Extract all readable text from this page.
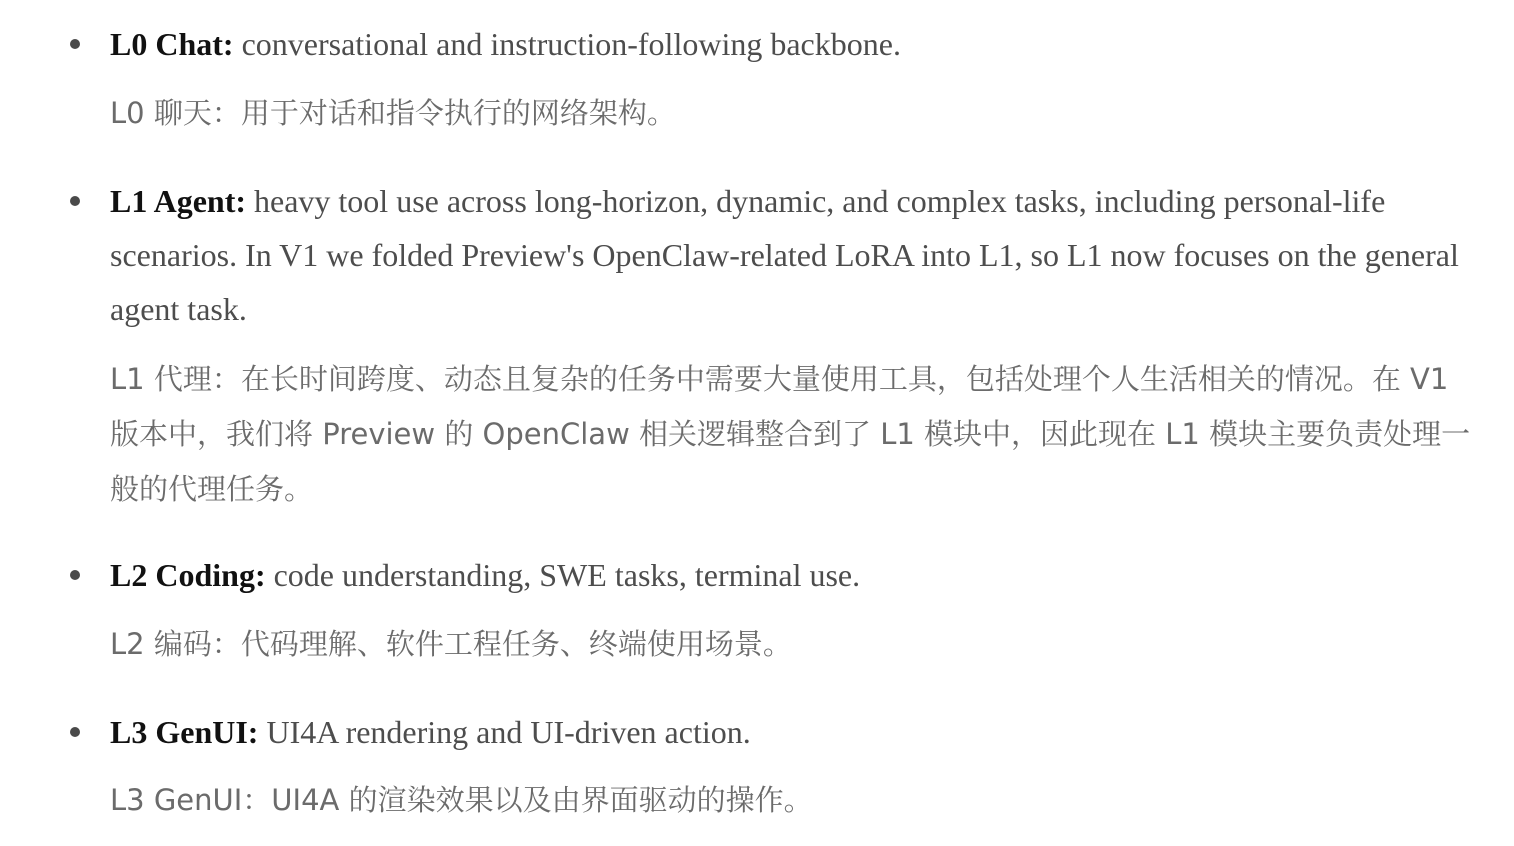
L0 Chat: conversational and instruction-following backbone.

L0 聊天：用于对话和指令执行的网络架构。

L1 Agent: heavy tool use across long-horizon, dynamic, and complex tasks, including personal-life scenarios. In V1 we folded Preview's OpenClaw-related LoRA into L1, so L1 now focuses on the general agent task.

L1 代理：在长时间跨度、动态且复杂的任务中需要大量使用工具，包括处理个人生活相关的情况。在 V1 版本中，我们将 Preview 的 OpenClaw 相关逻辑整合到了 L1 模块中，因此现在 L1 模块主要负责处理一般的代理任务。

L2 Coding: code understanding, SWE tasks, terminal use.

L2 编码：代码理解、软件工程任务、终端使用场景。

L3 GenUI: UI4A rendering and UI-driven action.

L3 GenUI：UI4A 的渲染效果以及由界面驱动的操作。
